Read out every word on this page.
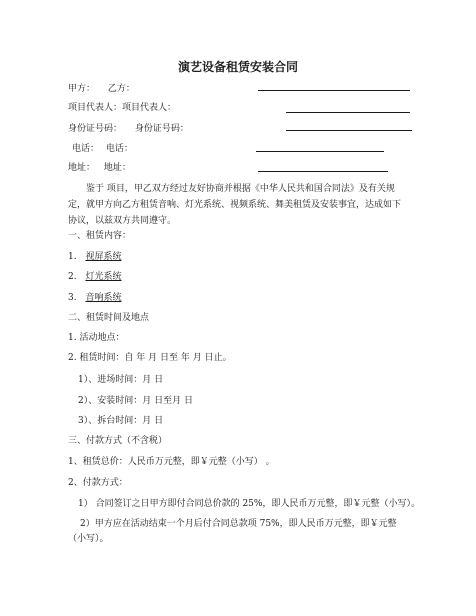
演艺设备租赁安装合同
甲方： 乙方：
项目代表人：项目代表人：
身份证号码： 身份证号码：
电话： 电话：
地址： 地址：
鉴于 项目，甲乙双方经过友好协商并根据《中华人民共和国合同法》及有关规定，就甲方向乙方租赁音响、灯光系统、视频系统、舞美租赁及安装事宜，达成如下协议，以兹双方共同遵守。
一、租赁内容：
1. 视屏系统
2. 灯光系统
3. 音响系统
二、租赁时间及地点
1. 活动地点：
2. 租赁时间：自 年 月 日至 年 月 日止。
1）、进场时间：月 日
2）、安装时间：月 日至月 日
3）、拆台时间：月 日
三、付款方式（不含税）
1、租赁总价：人民币万元整，即￥元整（小写） 。
2、付款方式：
1） 合同签订之日甲方即付合同总价款的 25%，即人民币万元整，即￥元整（小写）。
2）甲方应在活动结束一个月后付合同总款项 75%，即人民币万元整，即￥元整（小写）。
